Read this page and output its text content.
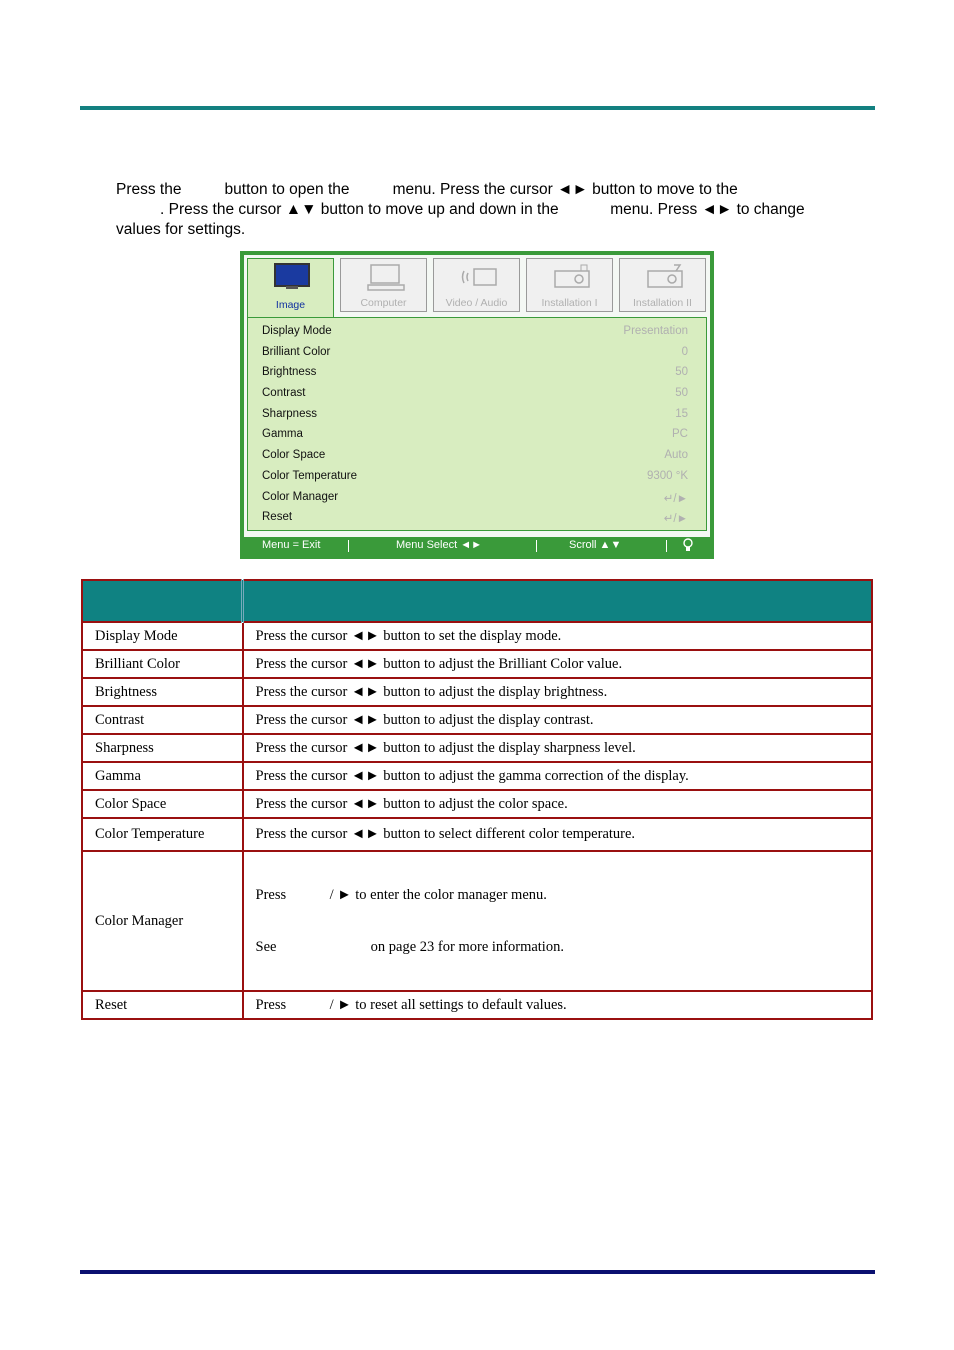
Press the          button to open the          menu. Press the cursor ◄► button to move to the
. Press the cursor ▲▼ button to move up and down in the            menu. Press ◄► to change
values for settings.
Image	Computer	Video / Audio	Installation I	Installation II
Display Mode	Presentation
Brilliant Color	0
Brightness	50
Contrast	50
Sharpness	15
Gamma	PC
Color Space	Auto
Color Temperature	9300 °K
Color Manager	↵/►
Reset	↵/►
Menu = Exit	Menu Select ◄►	Scroll ▲▼

Display Mode	Press the cursor ◄► button to set the display mode.
Brilliant Color	Press the cursor ◄► button to adjust the Brilliant Color value.
Brightness	Press the cursor ◄► button to adjust the display brightness.
Contrast	Press the cursor ◄► button to adjust the display contrast.
Sharpness	Press the cursor ◄► button to adjust the display sharpness level.
Gamma	Press the cursor ◄► button to adjust the gamma correction of the display.
Color Space	Press the cursor ◄► button to adjust the color space.
Color Temperature	Press the cursor ◄► button to select different color temperature.
Color Manager	Press            / ► to enter the color manager menu.

See                          on page 23 for more information.

Reset	Press            / ► to reset all settings to default values.
